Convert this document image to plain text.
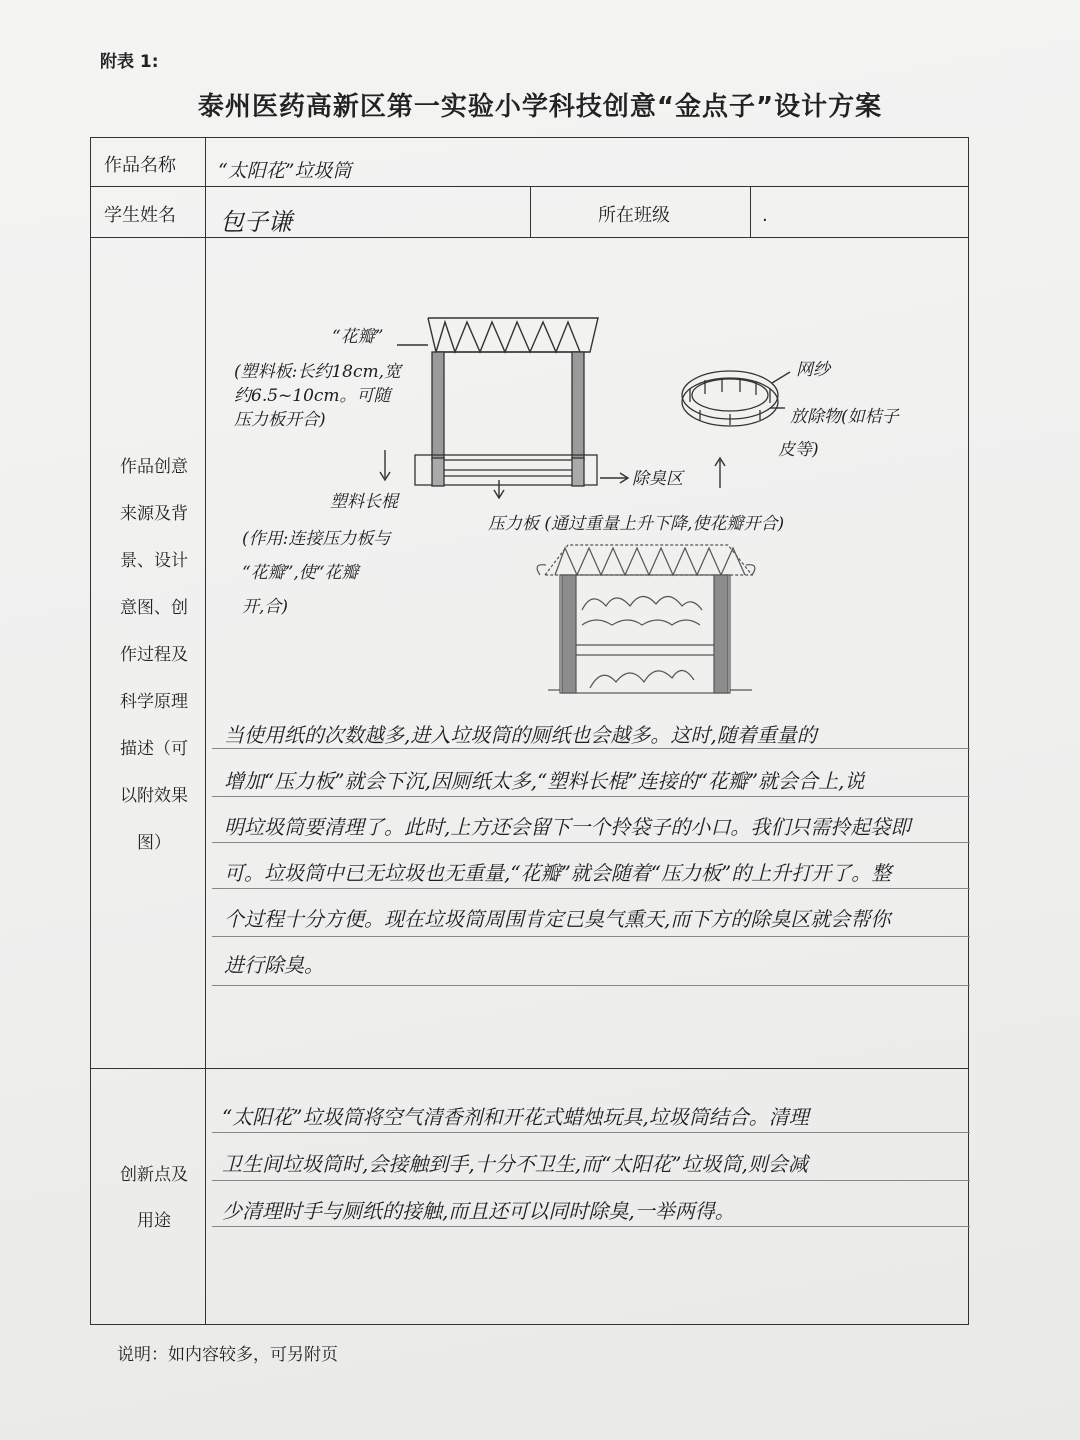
附表 1:
泰州医药高新区第一实验小学科技创意“金点子”设计方案
作品名称 “太阳花”垃圾筒
学生姓名 包子谦	所在班级	.
作品创意
来源及背
景、设计
意图、创
作过程及
科学原理
描述（可
以附效果
图）
“花瓣”
(塑料板:长约18cm,宽
约6.5~10cm。可随
压力板开合)
塑料长棍
(作用:连接压力板与
“花瓣”,使“花瓣
开,合)
除臭区
压力板 (通过重量上升下降,使花瓣开合)
网纱
放除物(如桔子
皮等)
当使用纸的次数越多,进入垃圾筒的厕纸也会越多。这时,随着重量的
增加“压力板”就会下沉,因厕纸太多,“塑料长棍”连接的“花瓣”就会合上,说
明垃圾筒要清理了。此时,上方还会留下一个拎袋子的小口。我们只需拎起袋即
可。垃圾筒中已无垃圾也无重量,“花瓣”就会随着“压力板”的上升打开了。整
个过程十分方便。现在垃圾筒周围肯定已臭气熏天,而下方的除臭区就会帮你
进行除臭。
创新点及
用途
“太阳花”垃圾筒将空气清香剂和开花式蜡烛玩具,垃圾筒结合。清理
卫生间垃圾筒时,会接触到手,十分不卫生,而“太阳花”垃圾筒,则会减
少清理时手与厕纸的接触,而且还可以同时除臭,一举两得。
说明：如内容较多，可另附页
